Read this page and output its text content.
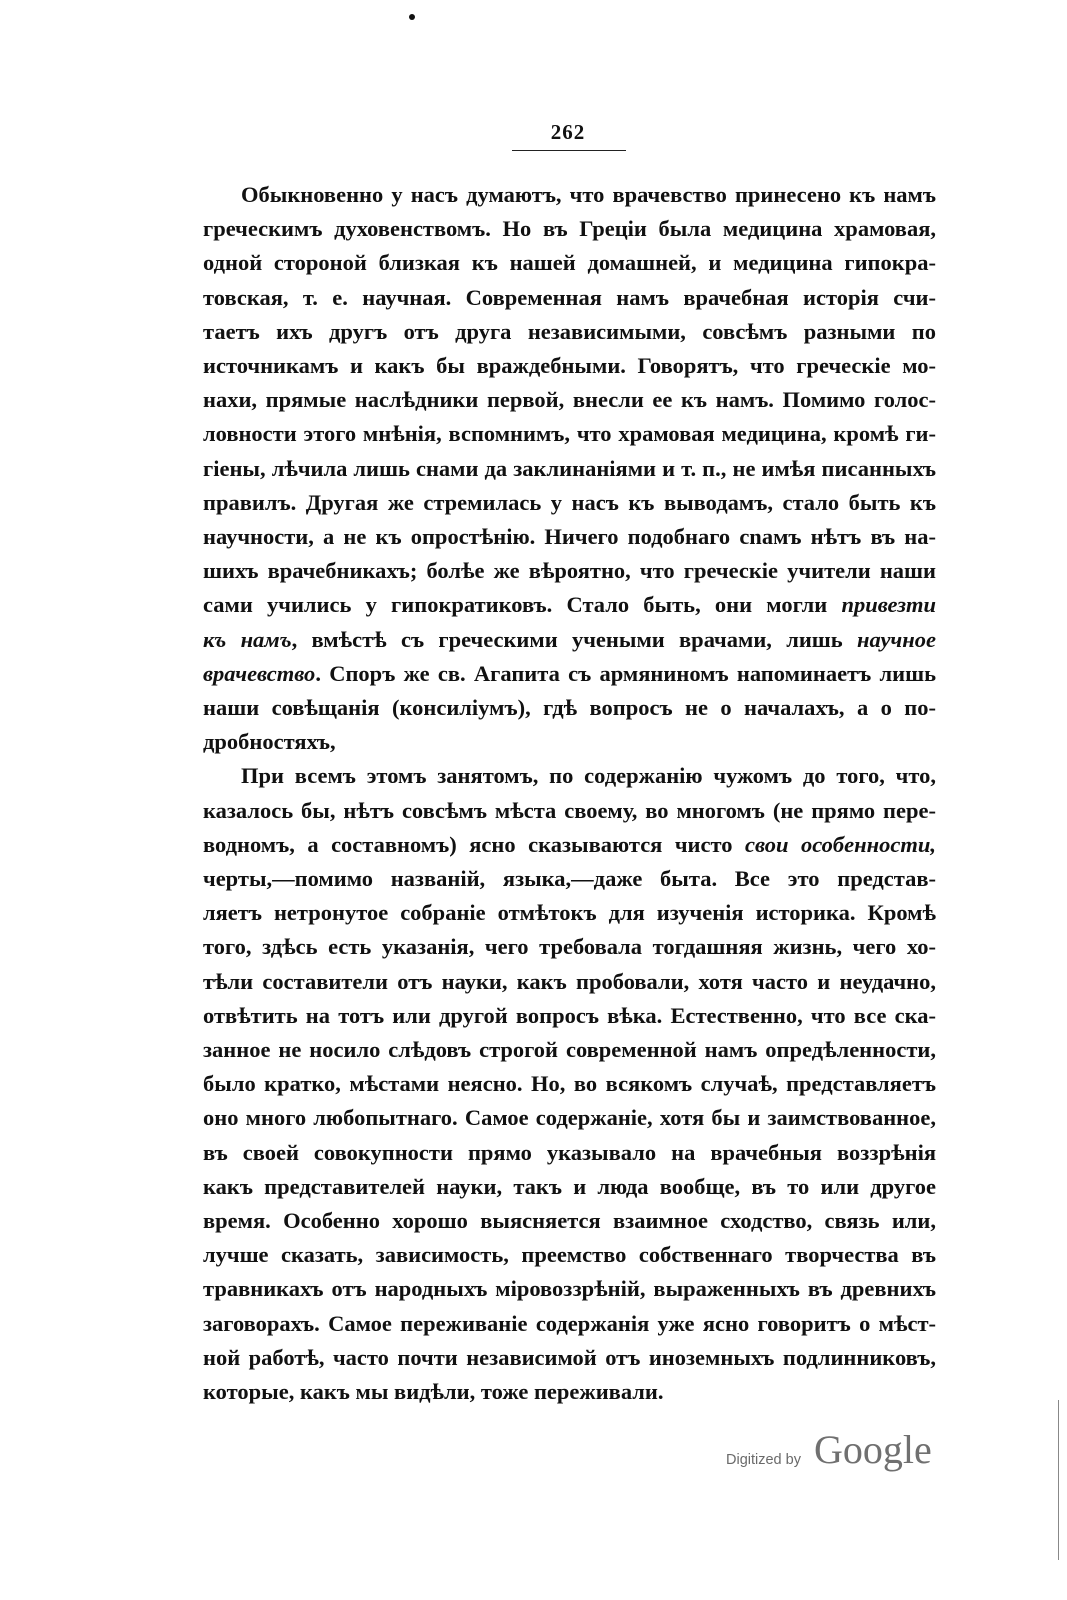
262
Обыкновенно у насъ думаютъ, что врачевство принесено къ намъ
греческимъ духовенствомъ. Но въ Греціи была медицина храмовая,
одной стороной близкая къ нашей домашней, и медицина гипокра-
товская, т. е. научная. Современная намъ врачебная исторія счи-
таетъ ихъ другъ отъ друга независимыми, совсѣмъ разными по
источникамъ и какъ бы враждебными. Говорятъ, что греческіе мо-
нахи, прямые наслѣдники первой, внесли ее къ намъ. Помимо голос-
ловности этого мнѣнія, вспомнимъ, что храмовая медицина, кромѣ ги-
гіены, лѣчила лишь снами да заклинаніями и т. п., не имѣя писанныхъ
правилъ. Другая же стремилась у насъ къ выводамъ, стало быть къ
научности, а не къ опростѣнію. Ничего подобнаго сnамъ нѣтъ въ на-
шихъ врачебникахъ; болѣе же вѣроятно, что греческіе учители наши
сами учились у гипократиковъ. Стало быть, они могли привезти
къ намъ, вмѣстѣ съ греческими учеными врачами, лишь научное
врачевство. Споръ же св. Агапита съ армяниномъ напоминаетъ лишь
наши совѣщанія (консиліумъ), гдѣ вопросъ не о началахъ, а о по-
дробностяхъ,
При всемъ этомъ занятомъ, по содержанію чужомъ до того, что,
казалось бы, нѣтъ совсѣмъ мѣста своему, во многомъ (не прямо пере-
водномъ, а составномъ) ясно сказываются чисто свои особенности,
черты,—помимо названій, языка,—даже быта. Все это представ-
ляетъ нетронутое собраніе отмѣтокъ для изученія историка. Кромѣ
того, здѣсь есть указанія, чего требовала тогдашняя жизнь, чего хо-
тѣли составители отъ науки, какъ пробовали, хотя часто и неудачно,
отвѣтить на тотъ или другой вопросъ вѣка. Естественно, что все ска-
занное не носило слѣдовъ строгой современной намъ опредѣленности,
было кратко, мѣстами неясно. Но, во всякомъ случаѣ, представляетъ
оно много любопытнаго. Самое содержаніе, хотя бы и заимствованное,
въ своей совокупности прямо указывало на врачебныя воззрѣнія
какъ представителей науки, такъ и люда вообще, въ то или другое
время. Особенно хорошо выясняется взаимное сходство, связь или,
лучше сказать, зависимость, преемство собственнаго творчества въ
травникахъ отъ народныхъ міровоззрѣній, выраженныхъ въ древнихъ
заговорахъ. Самое переживаніе содержанія уже ясно говоритъ о мѣст-
ной работѣ, часто почти независимой отъ иноземныхъ подлинниковъ,
которые, какъ мы видѣли, тоже переживали.
Digitized by Google
